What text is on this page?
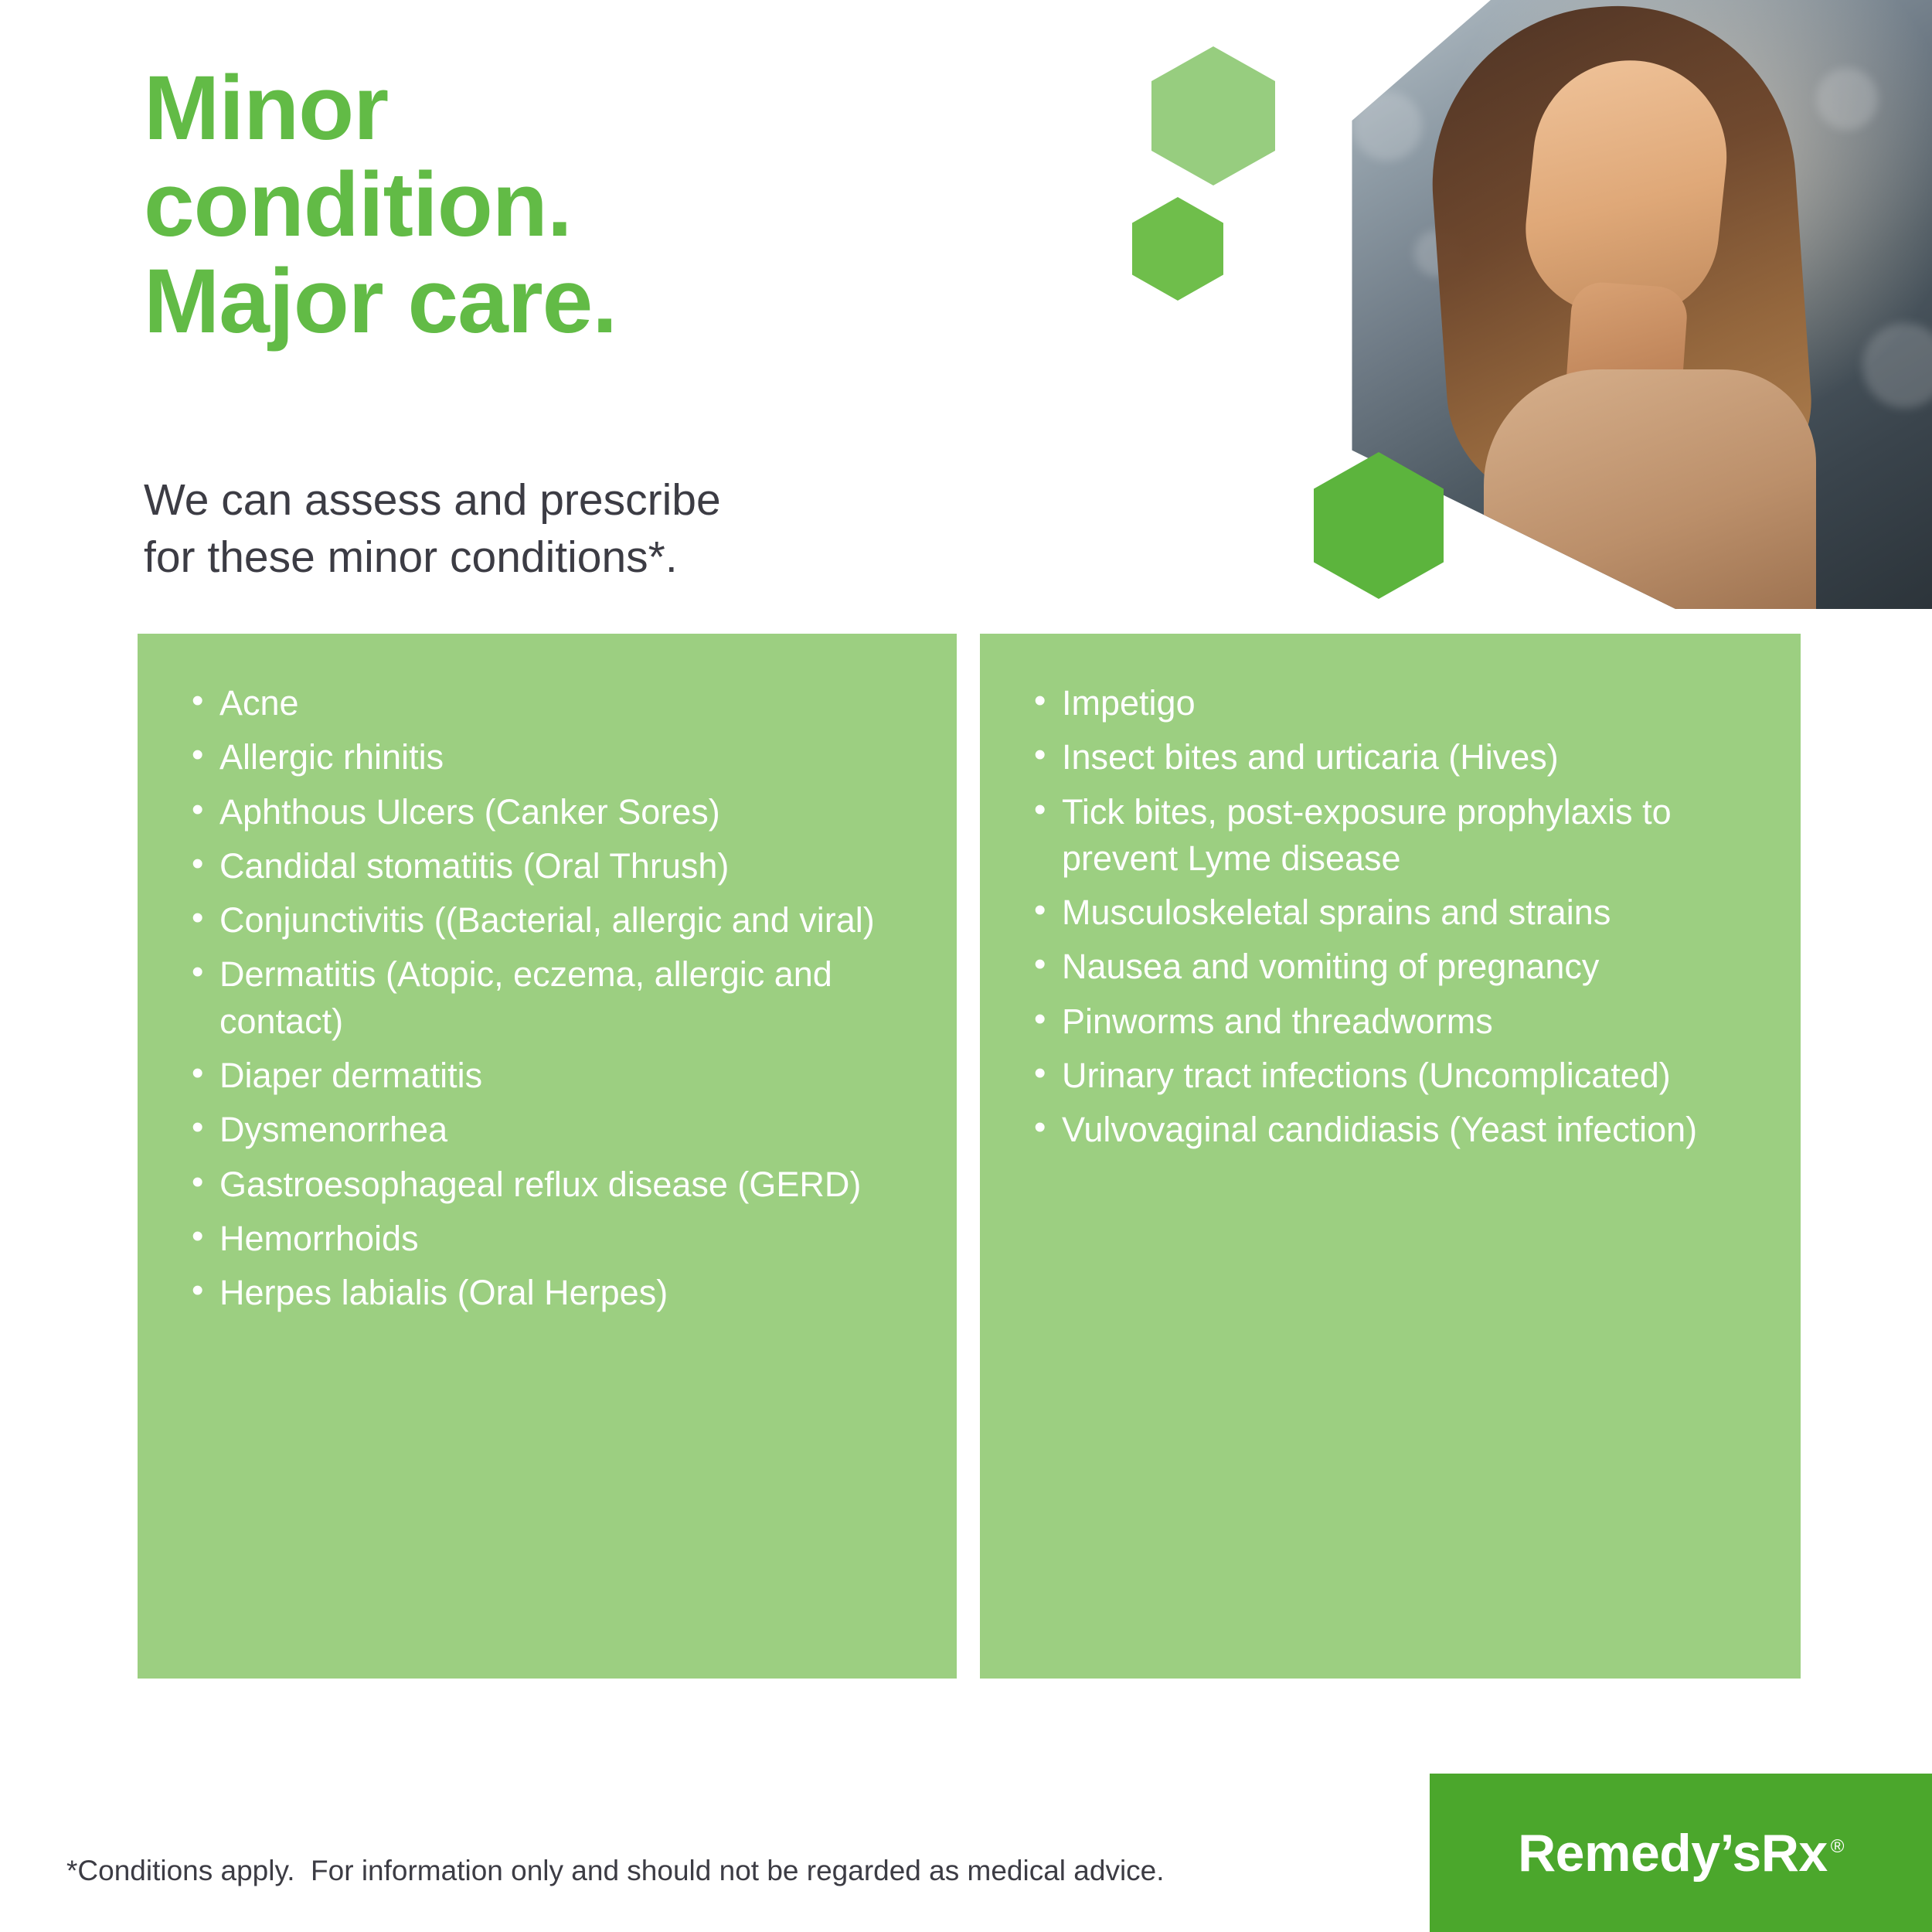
Minor
condition.
Major care.
We can assess and prescribe
for these minor conditions*.
• Acne
• Allergic rhinitis
• Aphthous Ulcers (Canker Sores)
• Candidal stomatitis (Oral Thrush)
• Conjunctivitis ((Bacterial, allergic and viral)
• Dermatitis (Atopic, eczema, allergic and contact)
• Diaper dermatitis
• Dysmenorrhea
• Gastroesophageal reflux disease (GERD)
• Hemorrhoids
• Herpes labialis (Oral Herpes)
• Impetigo
• Insect bites and urticaria (Hives)
• Tick bites, post-exposure prophylaxis to prevent Lyme disease
• Musculoskeletal sprains and strains
• Nausea and vomiting of pregnancy
• Pinworms and threadworms
• Urinary tract infections (Uncomplicated)
• Vulvovaginal candidiasis (Yeast infection)
*Conditions apply.  For information only and should not be regarded as medical advice.	Remedy’sRx ®
